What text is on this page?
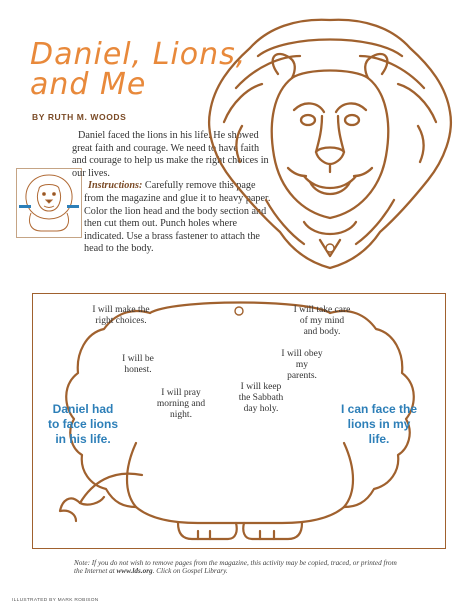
Daniel, Lions, and Me
BY RUTH M. WOODS

Daniel faced the lions in his life. He showed great faith and courage. We need to have faith and courage to help us make the right choices in our lives.

Instructions: Carefully remove this page from the magazine and glue it to heavy paper. Color the lion head and the body section and then cut them out. Punch holes where indicated. Use a brass fastener to attach the head to the body.

I will make the right choices.
I will be honest.
I will pray morning and night.
I will keep the Sabbath day holy.
I will obey my parents.
I will take care of my mind and body.
Daniel had to face lions in his life.
I can face the lions in my life.
Note: If you do not wish to remove pages from the magazine, this activity may be copied, traced, or printed from the Internet at www.lds.org. Click on Gospel Library.
ILLUSTRATED BY MARK ROBISON
